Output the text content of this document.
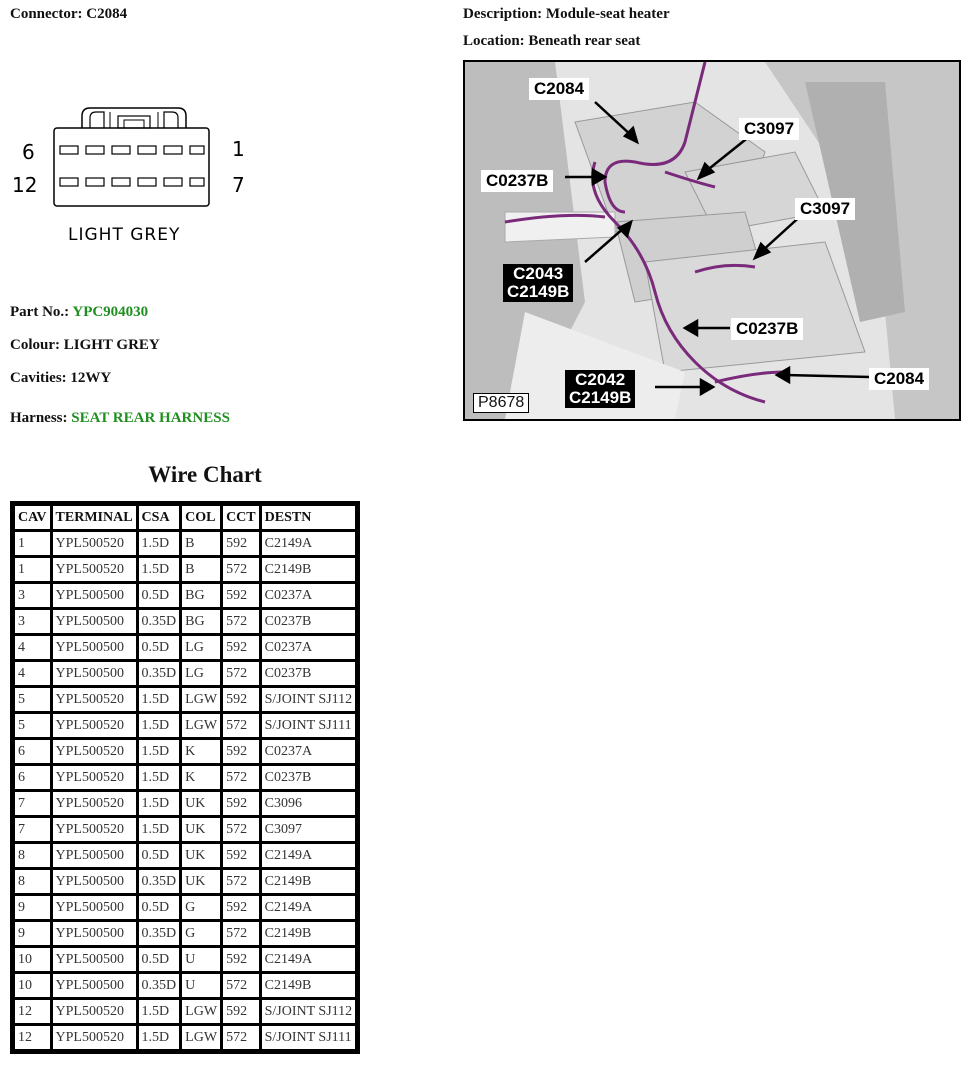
Connector: C2084	Description: Module-seat heater
Location: Beneath rear seat
6	1
12	7
LIGHT GREY
Part No.: YPC904030
Colour: LIGHT GREY
Cavities: 12WY
Harness: SEAT REAR HARNESS
C2084
C3097
C0237B
C3097
C2043
C2149B
C0237B
C2042
C2149B
C2084
P8678
Wire Chart
CAV	TERMINAL	CSA	COL	CCT	DESTN
1	YPL500520	1.5D	B	592	C2149A
1	YPL500520	1.5D	B	572	C2149B
3	YPL500500	0.5D	BG	592	C0237A
3	YPL500500	0.35D	BG	572	C0237B
4	YPL500500	0.5D	LG	592	C0237A
4	YPL500500	0.35D	LG	572	C0237B
5	YPL500520	1.5D	LGW	592	S/JOINT SJ112
5	YPL500520	1.5D	LGW	572	S/JOINT SJ111
6	YPL500520	1.5D	K	592	C0237A
6	YPL500520	1.5D	K	572	C0237B
7	YPL500520	1.5D	UK	592	C3096
7	YPL500520	1.5D	UK	572	C3097
8	YPL500500	0.5D	UK	592	C2149A
8	YPL500500	0.35D	UK	572	C2149B
9	YPL500500	0.5D	G	592	C2149A
9	YPL500500	0.35D	G	572	C2149B
10	YPL500500	0.5D	U	592	C2149A
10	YPL500500	0.35D	U	572	C2149B
12	YPL500520	1.5D	LGW	592	S/JOINT SJ112
12	YPL500520	1.5D	LGW	572	S/JOINT SJ111
